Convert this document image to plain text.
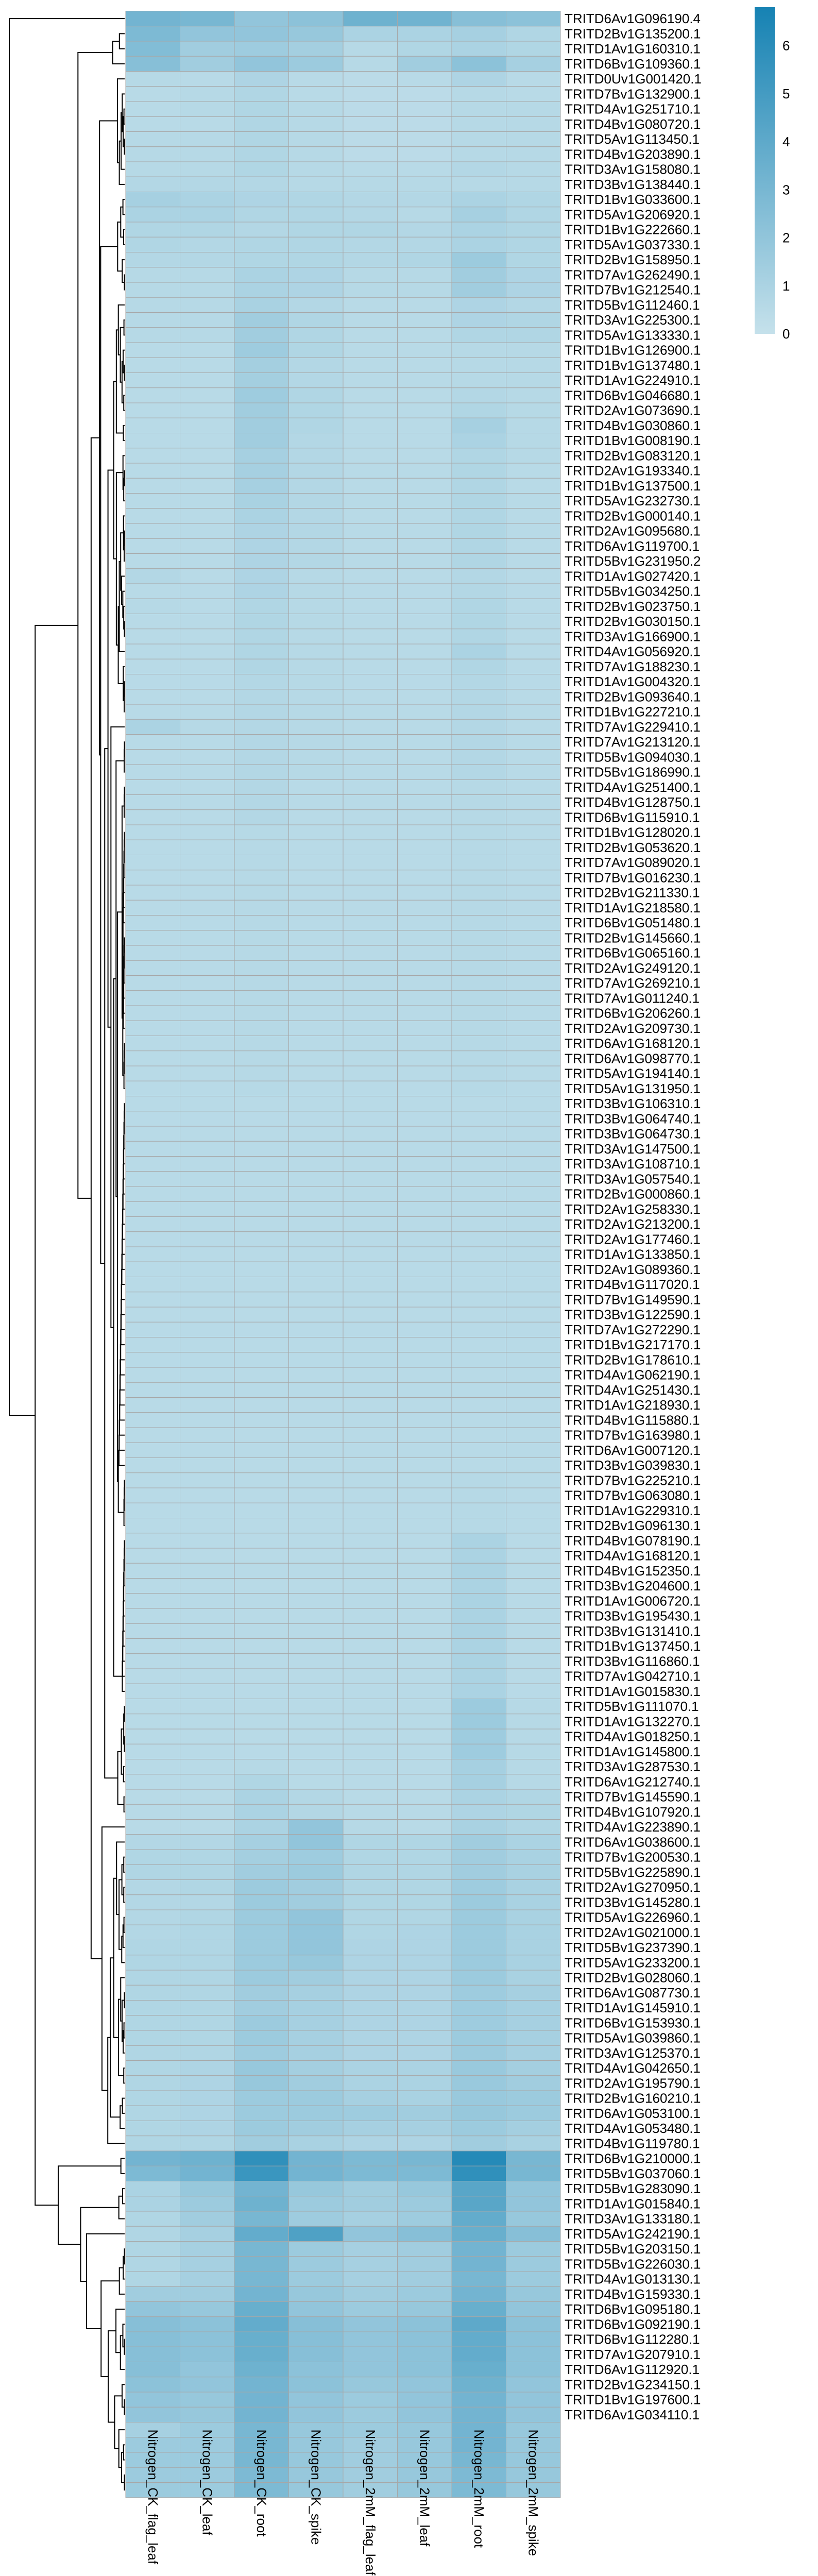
TRITD6Av1G096190.4
TRITD2Bv1G135200.1
TRITD1Av1G160310.1
TRITD6Bv1G109360.1
TRITD0Uv1G001420.1
TRITD7Bv1G132900.1
TRITD4Av1G251710.1
TRITD4Bv1G080720.1
TRITD5Av1G113450.1
TRITD4Bv1G203890.1
TRITD3Av1G158080.1
TRITD3Bv1G138440.1
TRITD1Bv1G033600.1
TRITD5Av1G206920.1
TRITD1Bv1G222660.1
TRITD5Av1G037330.1
TRITD2Bv1G158950.1
TRITD7Av1G262490.1
TRITD7Bv1G212540.1
TRITD5Bv1G112460.1
TRITD3Av1G225300.1
TRITD5Av1G133330.1
TRITD1Bv1G126900.1
TRITD1Bv1G137480.1
TRITD1Av1G224910.1
TRITD6Bv1G046680.1
TRITD2Av1G073690.1
TRITD4Bv1G030860.1
TRITD1Bv1G008190.1
TRITD2Bv1G083120.1
TRITD2Av1G193340.1
TRITD1Bv1G137500.1
TRITD5Av1G232730.1
TRITD2Bv1G000140.1
TRITD2Av1G095680.1
TRITD6Av1G119700.1
TRITD5Bv1G231950.2
TRITD1Av1G027420.1
TRITD5Bv1G034250.1
TRITD2Bv1G023750.1
TRITD2Bv1G030150.1
TRITD3Av1G166900.1
TRITD4Av1G056920.1
TRITD7Av1G188230.1
TRITD1Av1G004320.1
TRITD2Bv1G093640.1
TRITD1Bv1G227210.1
TRITD7Av1G229410.1
TRITD7Av1G213120.1
TRITD5Bv1G094030.1
TRITD5Bv1G186990.1
TRITD4Av1G251400.1
TRITD4Bv1G128750.1
TRITD6Bv1G115910.1
TRITD1Bv1G128020.1
TRITD2Bv1G053620.1
TRITD7Av1G089020.1
TRITD7Bv1G016230.1
TRITD2Bv1G211330.1
TRITD1Av1G218580.1
TRITD6Bv1G051480.1
TRITD2Bv1G145660.1
TRITD6Bv1G065160.1
TRITD2Av1G249120.1
TRITD7Av1G269210.1
TRITD7Av1G011240.1
TRITD6Bv1G206260.1
TRITD2Av1G209730.1
TRITD6Av1G168120.1
TRITD6Av1G098770.1
TRITD5Av1G194140.1
TRITD5Av1G131950.1
TRITD3Bv1G106310.1
TRITD3Bv1G064740.1
TRITD3Bv1G064730.1
TRITD3Av1G147500.1
TRITD3Av1G108710.1
TRITD3Av1G057540.1
TRITD2Bv1G000860.1
TRITD2Av1G258330.1
TRITD2Av1G213200.1
TRITD2Av1G177460.1
TRITD1Av1G133850.1
TRITD2Av1G089360.1
TRITD4Bv1G117020.1
TRITD7Bv1G149590.1
TRITD3Bv1G122590.1
TRITD7Av1G272290.1
TRITD1Bv1G217170.1
TRITD2Bv1G178610.1
TRITD4Av1G062190.1
TRITD4Av1G251430.1
TRITD1Av1G218930.1
TRITD4Bv1G115880.1
TRITD7Bv1G163980.1
TRITD6Av1G007120.1
TRITD3Bv1G039830.1
TRITD7Bv1G225210.1
TRITD7Bv1G063080.1
TRITD1Av1G229310.1
TRITD2Bv1G096130.1
TRITD4Bv1G078190.1
TRITD4Av1G168120.1
TRITD4Bv1G152350.1
TRITD3Bv1G204600.1
TRITD1Av1G006720.1
TRITD3Bv1G195430.1
TRITD3Bv1G131410.1
TRITD1Bv1G137450.1
TRITD3Bv1G116860.1
TRITD7Av1G042710.1
TRITD1Av1G015830.1
TRITD5Bv1G111070.1
TRITD1Av1G132270.1
TRITD4Av1G018250.1
TRITD1Av1G145800.1
TRITD3Av1G287530.1
TRITD6Av1G212740.1
TRITD7Bv1G145590.1
TRITD4Bv1G107920.1
TRITD4Av1G223890.1
TRITD6Av1G038600.1
TRITD7Bv1G200530.1
TRITD5Bv1G225890.1
TRITD2Av1G270950.1
TRITD3Bv1G145280.1
TRITD5Av1G226960.1
TRITD2Av1G021000.1
TRITD5Bv1G237390.1
TRITD5Av1G233200.1
TRITD2Bv1G028060.1
TRITD6Av1G087730.1
TRITD1Av1G145910.1
TRITD6Bv1G153930.1
TRITD5Av1G039860.1
TRITD3Av1G125370.1
TRITD4Av1G042650.1
TRITD2Av1G195790.1
TRITD2Bv1G160210.1
TRITD6Av1G053100.1
TRITD4Av1G053480.1
TRITD4Bv1G119780.1
TRITD6Bv1G210000.1
TRITD5Bv1G037060.1
TRITD5Bv1G283090.1
TRITD1Av1G015840.1
TRITD3Av1G133180.1
TRITD5Av1G242190.1
TRITD5Bv1G203150.1
TRITD5Bv1G226030.1
TRITD4Av1G013130.1
TRITD4Bv1G159330.1
TRITD6Bv1G095180.1
TRITD6Bv1G092190.1
TRITD6Bv1G112280.1
TRITD7Av1G207910.1
TRITD6Av1G112920.1
TRITD2Bv1G234150.1
TRITD1Bv1G197600.1
TRITD6Av1G034110.1
Nitrogen_CK_flag_leaf	Nitrogen_CK_leaf	Nitrogen_CK_root	Nitrogen_CK_spike	Nitrogen_2mM_flag_leaf	Nitrogen_2mM_leaf	Nitrogen_2mM_root	Nitrogen_2mM_spike
0
1
2
3
4
5
6
